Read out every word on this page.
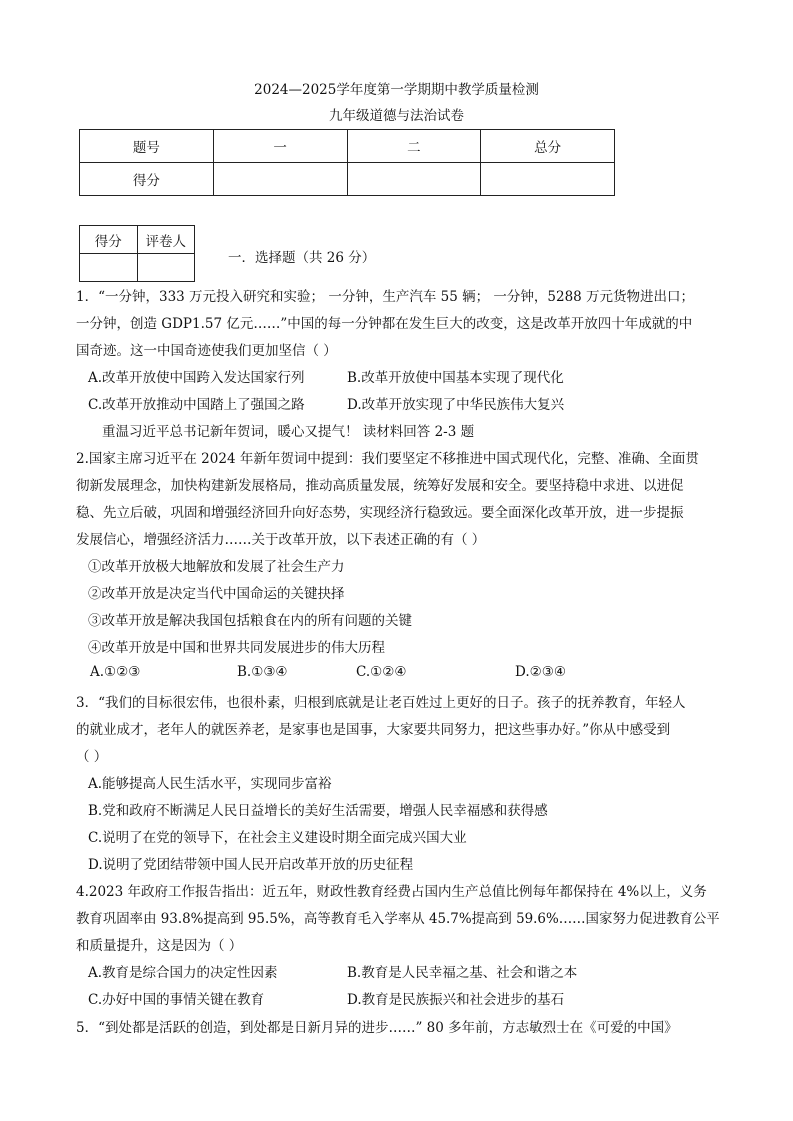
2024—2025学年度第一学期期中教学质量检测
九年级道德与法治试卷
题号	一	二	总分
得分			
得分	评卷人

一．选择题（共 26 分）
1．“一分钟，333 万元投入研究和实验； 一分钟，生产汽车 55 辆； 一分钟，5288 万元货物进出口；
一分钟，创造 GDP1.57 亿元……”中国的每一分钟都在发生巨大的改变，这是改革开放四十年成就的中
国奇迹。这一中国奇迹使我们更加坚信（ ）
A.改革开放使中国跨入发达国家行列	B.改革开放使中国基本实现了现代化
C.改革开放推动中国踏上了强国之路	D.改革开放实现了中华民族伟大复兴
重温习近平总书记新年贺词，暖心又提气！ 读材料回答 2-3 题
2.国家主席习近平在 2024 年新年贺词中提到：我们要坚定不移推进中国式现代化，完整、准确、全面贯
彻新发展理念，加快构建新发展格局，推动高质量发展，统筹好发展和安全。要坚持稳中求进、以进促
稳、先立后破，巩固和增强经济回升向好态势，实现经济行稳致远。要全面深化改革开放，进一步提振
发展信心，增强经济活力……关于改革开放，以下表述正确的有（ ）
①改革开放极大地解放和发展了社会生产力
②改革开放是决定当代中国命运的关键抉择
③改革开放是解决我国包括粮食在内的所有问题的关键
④改革开放是中国和世界共同发展进步的伟大历程
A.①②③	B.①③④	C.①②④	D.②③④
3．“我们的目标很宏伟，也很朴素，归根到底就是让老百姓过上更好的日子。孩子的抚养教育，年轻人
的就业成才，老年人的就医养老，是家事也是国事，大家要共同努力，把这些事办好。”你从中感受到
（ ）
A.能够提高人民生活水平，实现同步富裕
B.党和政府不断满足人民日益增长的美好生活需要，增强人民幸福感和获得感
C.说明了在党的领导下，在社会主义建设时期全面完成兴国大业
D.说明了党团结带领中国人民开启改革开放的历史征程
4.2023 年政府工作报告指出：近五年，财政性教育经费占国内生产总值比例每年都保持在 4%以上，义务
教育巩固率由 93.8%提高到 95.5%，高等教育毛入学率从 45.7%提高到 59.6%……国家努力促进教育公平
和质量提升，这是因为（ ）
A.教育是综合国力的决定性因素	B.教育是人民幸福之基、社会和谐之本
C.办好中国的事情关键在教育	D.教育是民族振兴和社会进步的基石
5．“到处都是活跃的创造，到处都是日新月异的进步……” 80 多年前，方志敏烈士在《可爱的中国》
